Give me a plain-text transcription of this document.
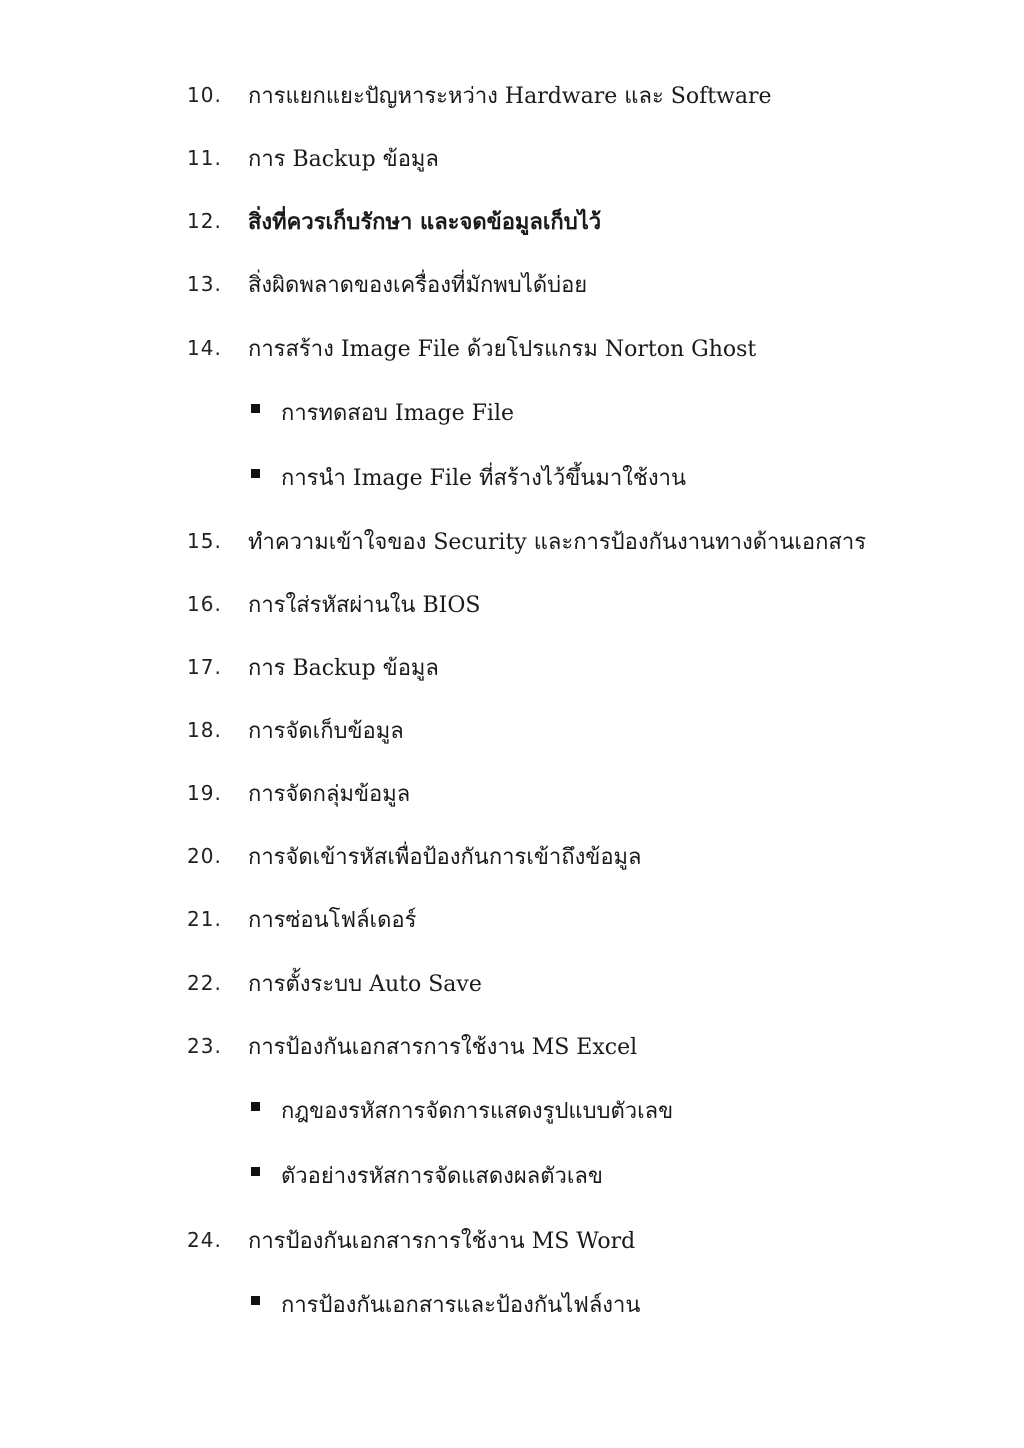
10. การแยกแยะปัญหาระหว่าง Hardware และ Software
11. การ Backup ข้อมูล
12. สิ่งที่ควรเก็บรักษา และจดข้อมูลเก็บไว้
13. สิ่งผิดพลาดของเครื่องที่มักพบได้บ่อย
14. การสร้าง Image File ด้วยโปรแกรม Norton Ghost
การทดสอบ Image File
การนำ Image File ที่สร้างไว้ขึ้นมาใช้งาน
15. ทำความเข้าใจของ Security และการป้องกันงานทางด้านเอกสาร
16. การใส่รหัสผ่านใน BIOS
17. การ Backup ข้อมูล
18. การจัดเก็บข้อมูล
19. การจัดกลุ่มข้อมูล
20. การจัดเข้ารหัสเพื่อป้องกันการเข้าถึงข้อมูล
21. การซ่อนโฟล์เดอร์
22. การตั้งระบบ Auto Save
23. การป้องกันเอกสารการใช้งาน MS Excel
กฎของรหัสการจัดการแสดงรูปแบบตัวเลข
ตัวอย่างรหัสการจัดแสดงผลตัวเลข
24. การป้องกันเอกสารการใช้งาน MS Word
การป้องกันเอกสารและป้องกันไฟล์งาน
